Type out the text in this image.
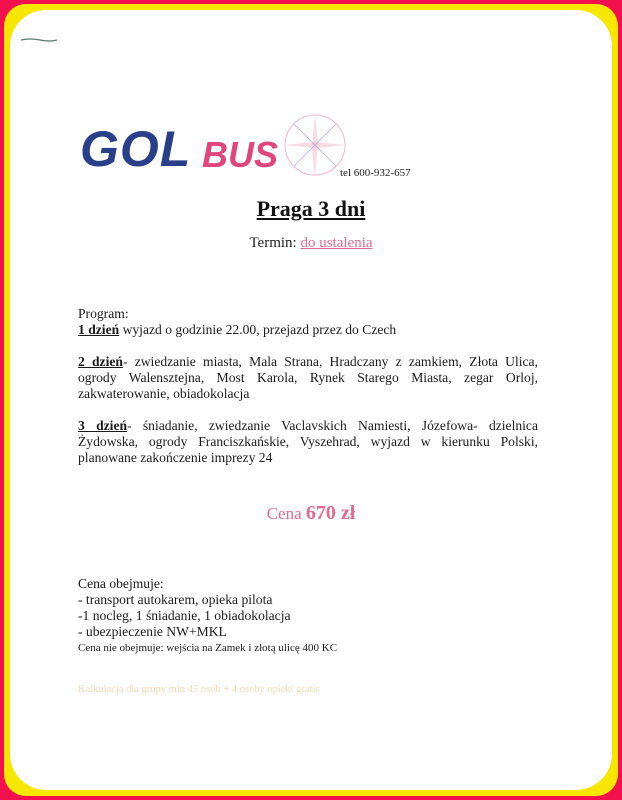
GOL BUS	tel 600-932-657
Praga 3 dni
Termin: do ustalenia

Program:

1 dzień wyjazd o godzinie 22.00, przejazd przez do Czech

2 dzień- zwiedzanie miasta, Mala Strana, Hradczany z zamkiem, Złota Ulica, ogrody Walensztejna, Most Karola, Rynek Starego Miasta, zegar Orloj, zakwaterowanie, obiadokolacja

3 dzień- śniadanie, zwiedzanie Vaclavskich Namiesti, Józefowa- dzielnica Żydowska, ogrody Franciszkańskie, Vyszehrad, wyjazd w kierunku Polski, planowane zakończenie imprezy 24

Cena 670 zł

Cena obejmuje:

- transport autokarem, opieka pilota

-1 nocleg, 1 śniadanie, 1 obiadokolacja

- ubezpieczenie NW+MKL

Cena nie obejmuje: wejścia na Zamek i złotą ulicę 400 KC
Kalkulacja dla grupy min 45 osób + 4 osoby opieki gratis
